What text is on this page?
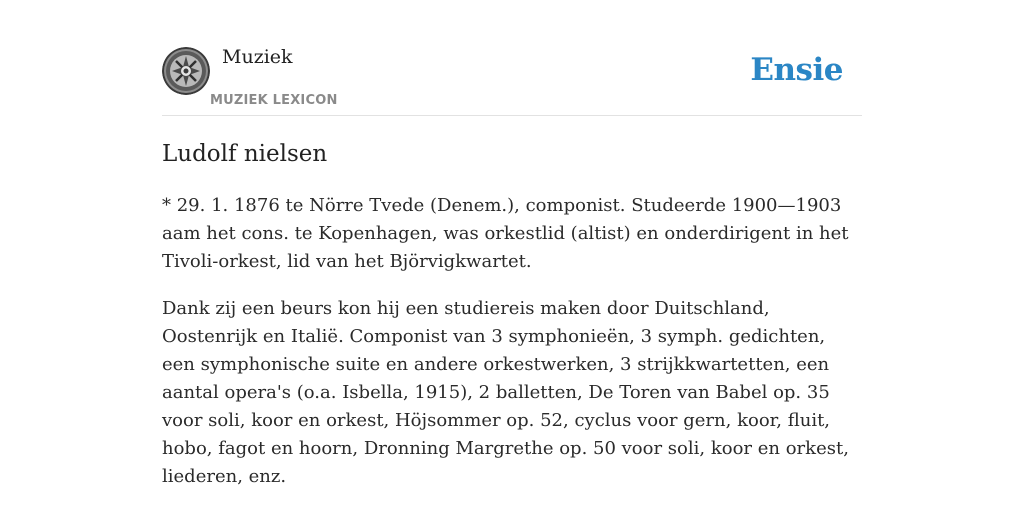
Muziek
MUZIEK LEXICON
Ensie
Ludolf nielsen

* 29. 1. 1876 te Nörre Tvede (Denem.), componist. Studeerde 1900—1903 aam het cons. te Kopenhagen, was orkestlid (altist) en onderdirigent in het Tivoli-orkest, lid van het Björvigkwartet.

Dank zij een beurs kon hij een studiereis maken door Duitschland, Oostenrijk en Italië. Componist van 3 symphonieën, 3 symph. gedichten, een symphonische suite en andere orkestwerken, 3 strijkkwartetten, een aantal opera's (o.a. Isbella, 1915), 2 balletten, De Toren van Babel op. 35 voor soli, koor en orkest, Höjsommer op. 52, cyclus voor gern, koor, fluit, hobo, fagot en hoorn, Dronning Margrethe op. 50 voor soli, koor en orkest, liederen, enz.
